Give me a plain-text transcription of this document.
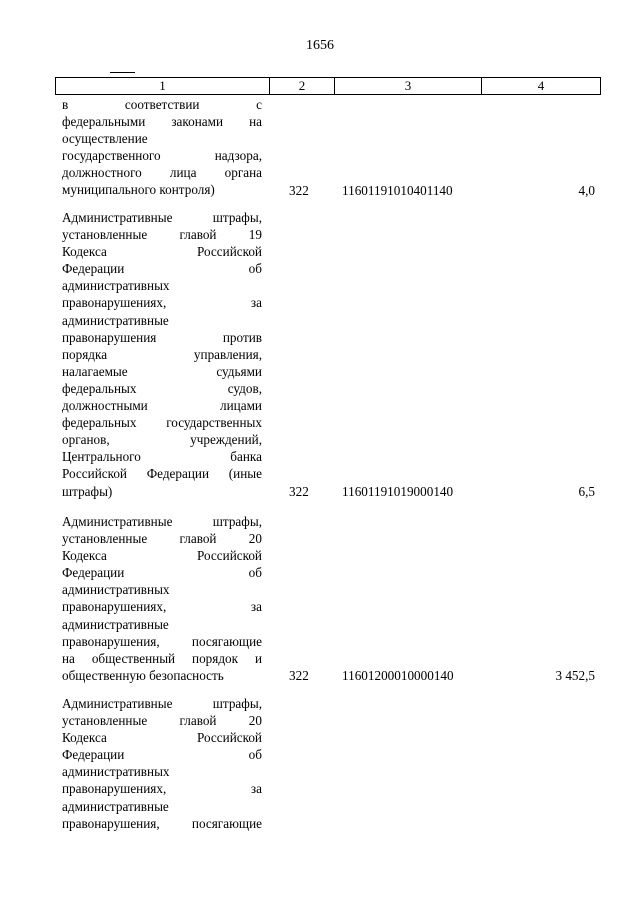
1656
1	2	3	4
в соответствии с
федеральными законами на
осуществление
государственного надзора,
должностного лица органа
муниципального контроля)	322	11601191010401140	4,0
Административные штрафы,
установленные главой 19
Кодекса Российской
Федерации об
административных
правонарушениях, за
административные
правонарушения против
порядка управления,
налагаемые судьями
федеральных судов,
должностными лицами
федеральных государственных
органов, учреждений,
Центрального банка
Российской Федерации (иные
штрафы)	322	11601191019000140	6,5
Административные штрафы,
установленные главой 20
Кодекса Российской
Федерации об
административных
правонарушениях, за
административные
правонарушения, посягающие
на общественный порядок и
общественную безопасность	322	11601200010000140	3 452,5
Административные штрафы,
установленные главой 20
Кодекса Российской
Федерации об
административных
правонарушениях, за
административные
правонарушения, посягающие
